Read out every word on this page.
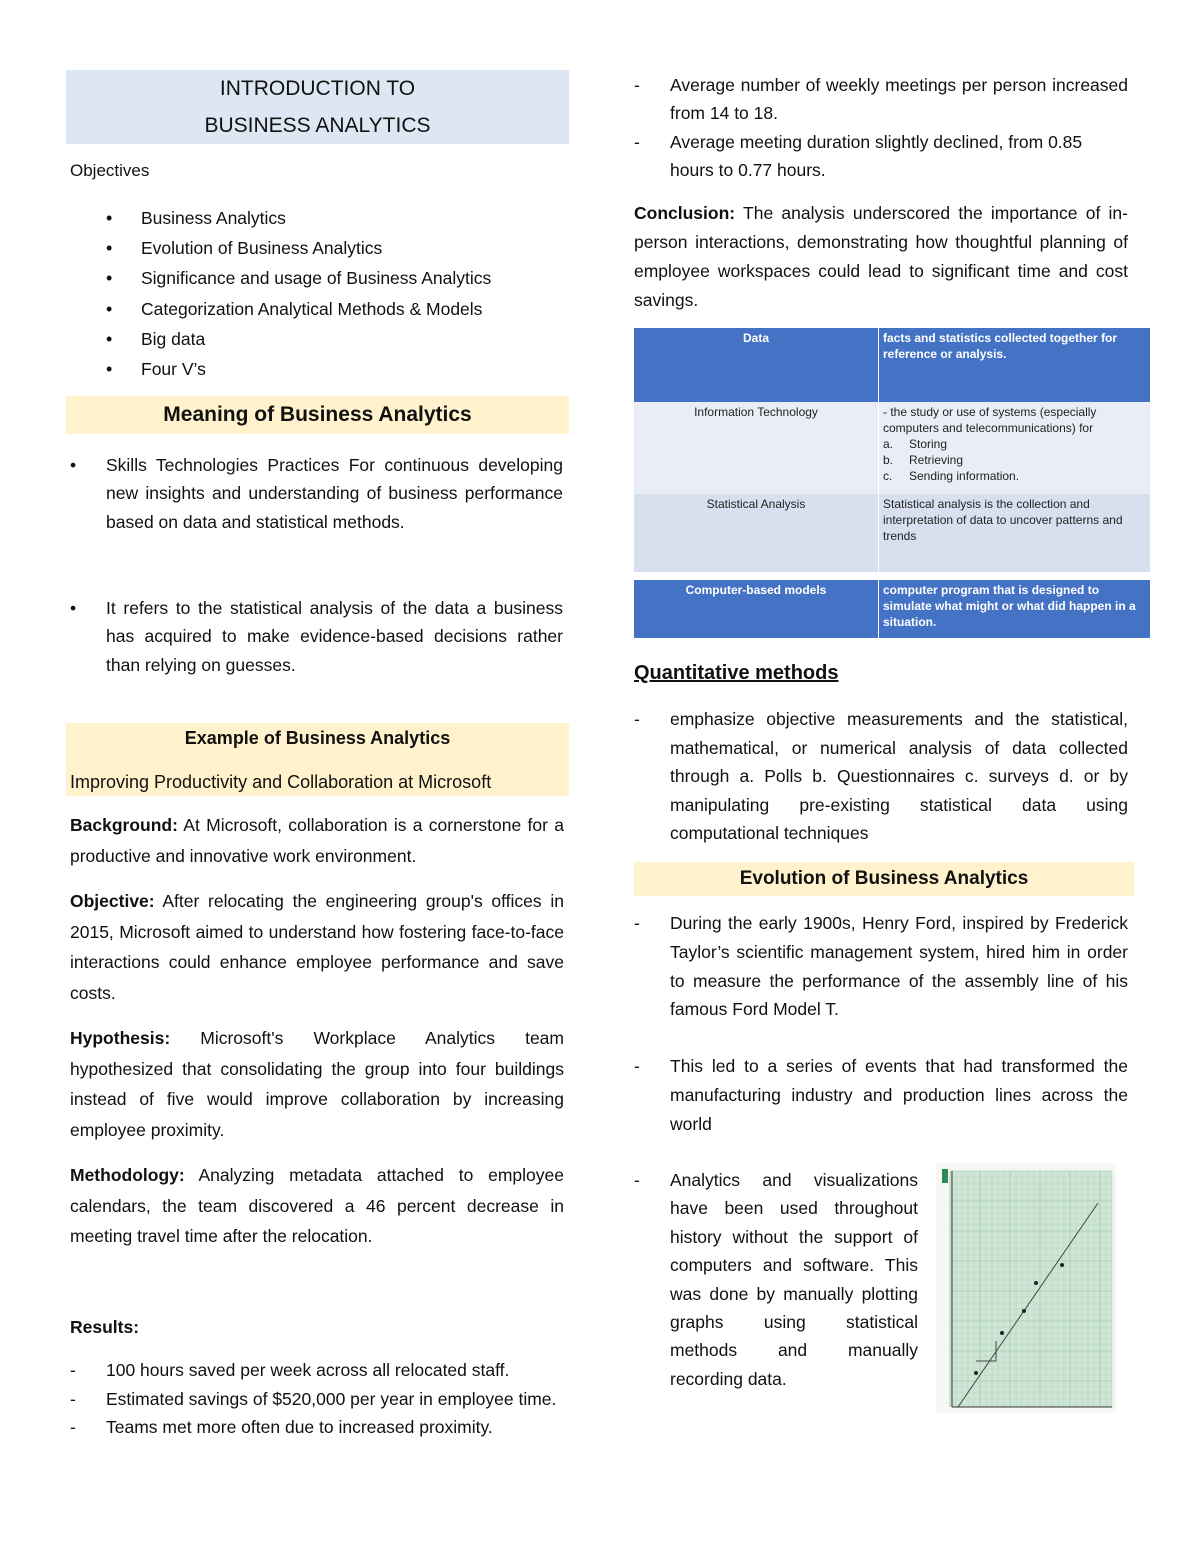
INTRODUCTION TO
BUSINESS ANALYTICS
Objectives
• Business Analytics
• Evolution of Business Analytics
• Significance and usage of Business Analytics
• Categorization Analytical Methods & Models
• Big data
• Four V’s
Meaning of Business Analytics
• Skills Technologies Practices For continuous developing new insights and understanding of business performance based on data and statistical methods.
• It refers to the statistical analysis of the data a business has acquired to make evidence-based decisions rather than relying on guesses.
Example of Business Analytics
Improving Productivity and Collaboration at Microsoft
Background: At Microsoft, collaboration is a cornerstone for a productive and innovative work environment.
Objective: After relocating the engineering group's offices in 2015, Microsoft aimed to understand how fostering face-to-face interactions could enhance employee performance and save costs.
Hypothesis: Microsoft's Workplace Analytics team hypothesized that consolidating the group into four buildings instead of five would improve collaboration by increasing employee proximity.
Methodology: Analyzing metadata attached to employee calendars, the team discovered a 46 percent decrease in meeting travel time after the relocation.
Results:
- 100 hours saved per week across all relocated staff.
- Estimated savings of $520,000 per year in employee time.
- Teams met more often due to increased proximity.
- Average number of weekly meetings per person increased from 14 to 18.
- Average meeting duration slightly declined, from 0.85 hours to 0.77 hours.
Conclusion: The analysis underscored the importance of in-person interactions, demonstrating how thoughtful planning of employee workspaces could lead to significant time and cost savings.
Data	facts and statistics collected together for reference or analysis.
Information Technology	- the study or use of systems (especially computers and telecommunications) for
a. Storing
b. Retrieving
c. Sending information.

Statistical Analysis	Statistical analysis is the collection and interpretation of data to uncover patterns and trends

Computer-based models	computer program that is designed to simulate what might or what did happen in a situation.
Quantitative methods
- emphasize objective measurements and the statistical, mathematical, or numerical analysis of data collected through a. Polls b. Questionnaires c. surveys d. or by manipulating pre-existing statistical data using computational techniques
Evolution of Business Analytics
- During the early 1900s, Henry Ford, inspired by Frederick Taylor’s scientific management system, hired him in order to measure the performance of the assembly line of his famous Ford Model T.
- This led to a series of events that had transformed the manufacturing industry and production lines across the world
- Analytics and visualizations have been used throughout history without the support of computers and software. This was done by manually plotting graphs using statistical methods and manually recording data.
